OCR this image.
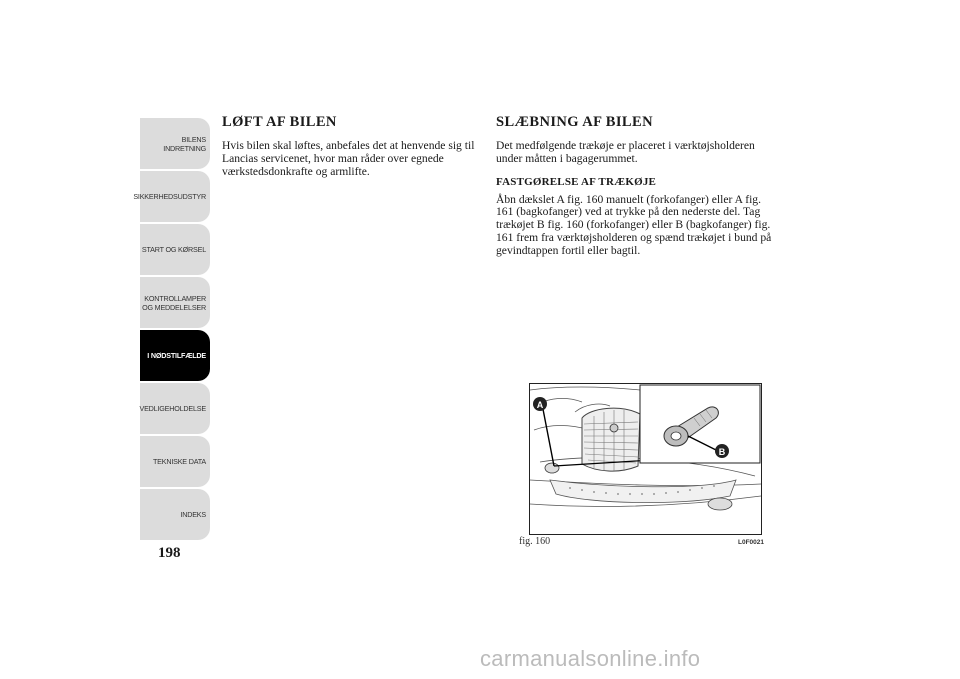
BILENS
INDRETNING
SIKKERHEDSUDSTYR
START OG KØRSEL
KONTROLLAMPER
OG MEDDELELSER
I NØDSTILFÆLDE
VEDLIGEHOLDELSE
TEKNISKE DATA
INDEKS
198
LØFT AF BILEN

Hvis bilen skal løftes, anbefales det at henvende sig til Lancias servicenet, hvor man råder over egnede værkstedsdonkrafte og armlifte.

SLÆBNING AF BILEN

Det medfølgende trækøje er placeret i værktøjsholderen under måtten i bagagerummet.

FASTGØRELSE AF TRÆKØJE

Åbn dækslet A fig. 160 manuelt (forkofanger) eller A fig. 161 (bagkofanger) ved at trykke på den nederste del. Tag trækøjet B fig. 160 (forkofanger) eller B (bagkofanger) fig. 161 frem fra værktøjsholderen og spænd trækøjet i bund på gevindtappen fortil eller bagtil.

A
B
fig. 160	L0F0021
carmanualsonline.info
